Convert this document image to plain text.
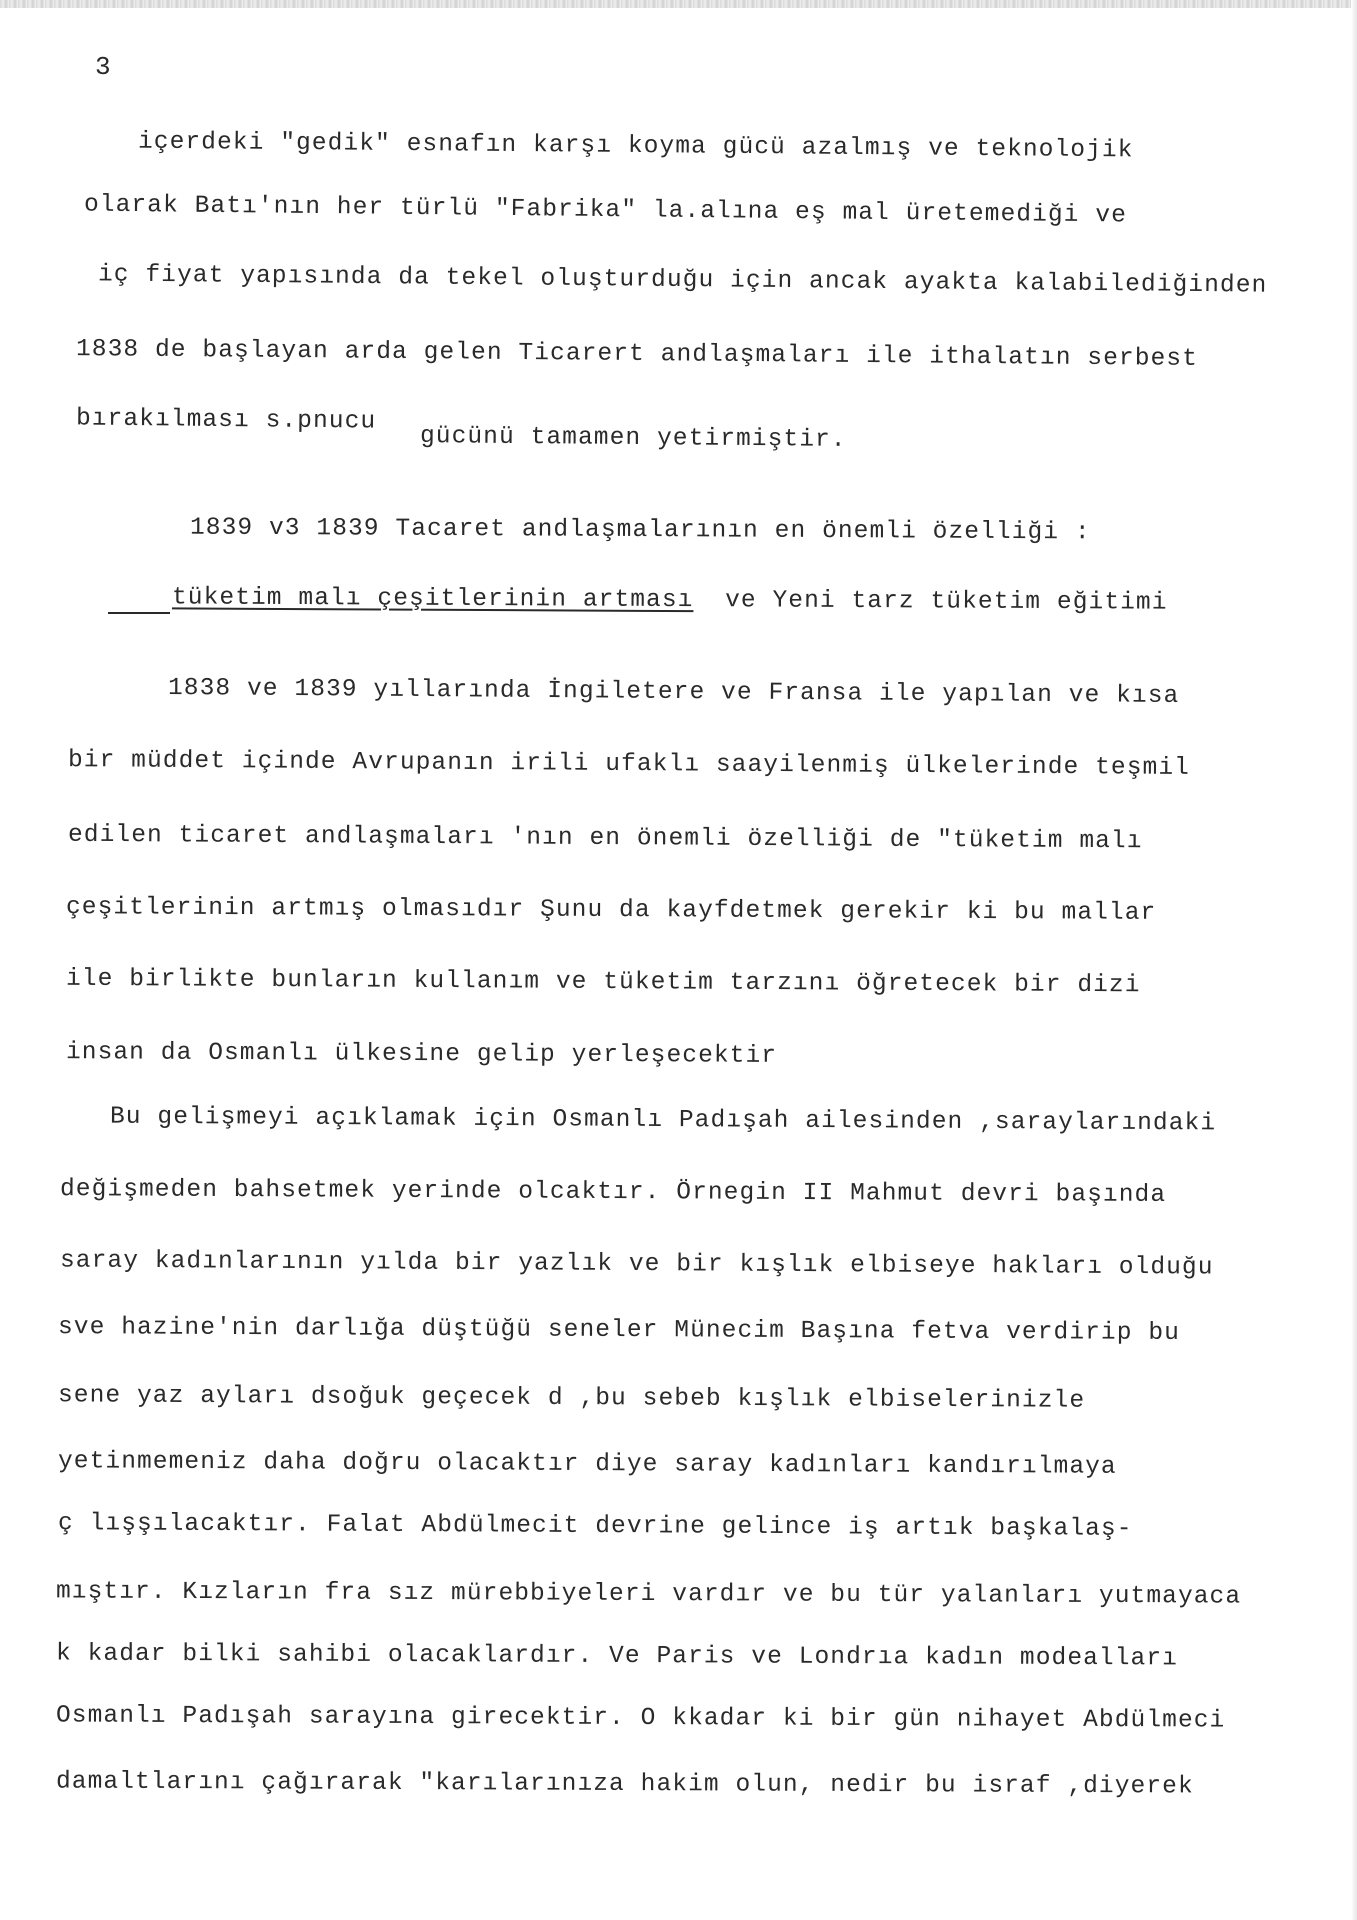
3
içerdeki "gedik" esnafın karşı koyma gücü azalmış ve teknolojik
olarak Batı'nın her türlü "Fabrika" la.alına eş mal üretemediği ve
iç fiyat yapısında da tekel oluşturduğu için ancak ayakta kalabilediğinden
1838 de başlayan arda gelen Ticarert andlaşmaları ile ithalatın serbest
bırakılması s.pnucu
gücünü tamamen yetirmiştir.
1839 v3 1839 Tacaret andlaşmalarının en önemli özelliği :
tüketim malı çeşitlerinin artması ve Yeni tarz tüketim eğitimi
1838 ve 1839 yıllarında İngiletere ve Fransa ile yapılan ve kısa
bir müddet içinde Avrupanın irili ufaklı saayilenmiş ülkelerinde teşmil
edilen ticaret andlaşmaları 'nın en önemli özelliği de "tüketim malı
çeşitlerinin artmış olmasıdır Şunu da kayfdetmek gerekir ki bu mallar
ile birlikte bunların kullanım ve tüketim tarzını öğretecek bir dizi
insan da Osmanlı ülkesine gelip yerleşecektir
Bu gelişmeyi açıklamak için Osmanlı Padışah ailesinden ,saraylarındaki
değişmeden bahsetmek yerinde olcaktır. Örnegin II Mahmut devri başında
saray kadınlarının yılda bir yazlık ve bir kışlık elbiseye hakları olduğu
sve hazine'nin darlığa düştüğü seneler Münecim Başına fetva verdirip bu
sene yaz ayları dsoğuk geçecek d ,bu sebeb kışlık elbiselerinizle
yetinmemeniz daha doğru olacaktır diye saray kadınları kandırılmaya
ç lışşılacaktır. Falat Abdülmecit devrine gelince iş artık başkalaş-
mıştır. Kızların fra sız mürebbiyeleri vardır ve bu tür yalanları yutmayaca
k kadar bilki sahibi olacaklardır. Ve Paris ve Londrıa kadın modealları
Osmanlı Padışah sarayına girecektir. O kkadar ki bir gün nihayet Abdülmeci
damaltlarını çağırarak "karılarınıza hakim olun, nedir bu israf ,diyerek
